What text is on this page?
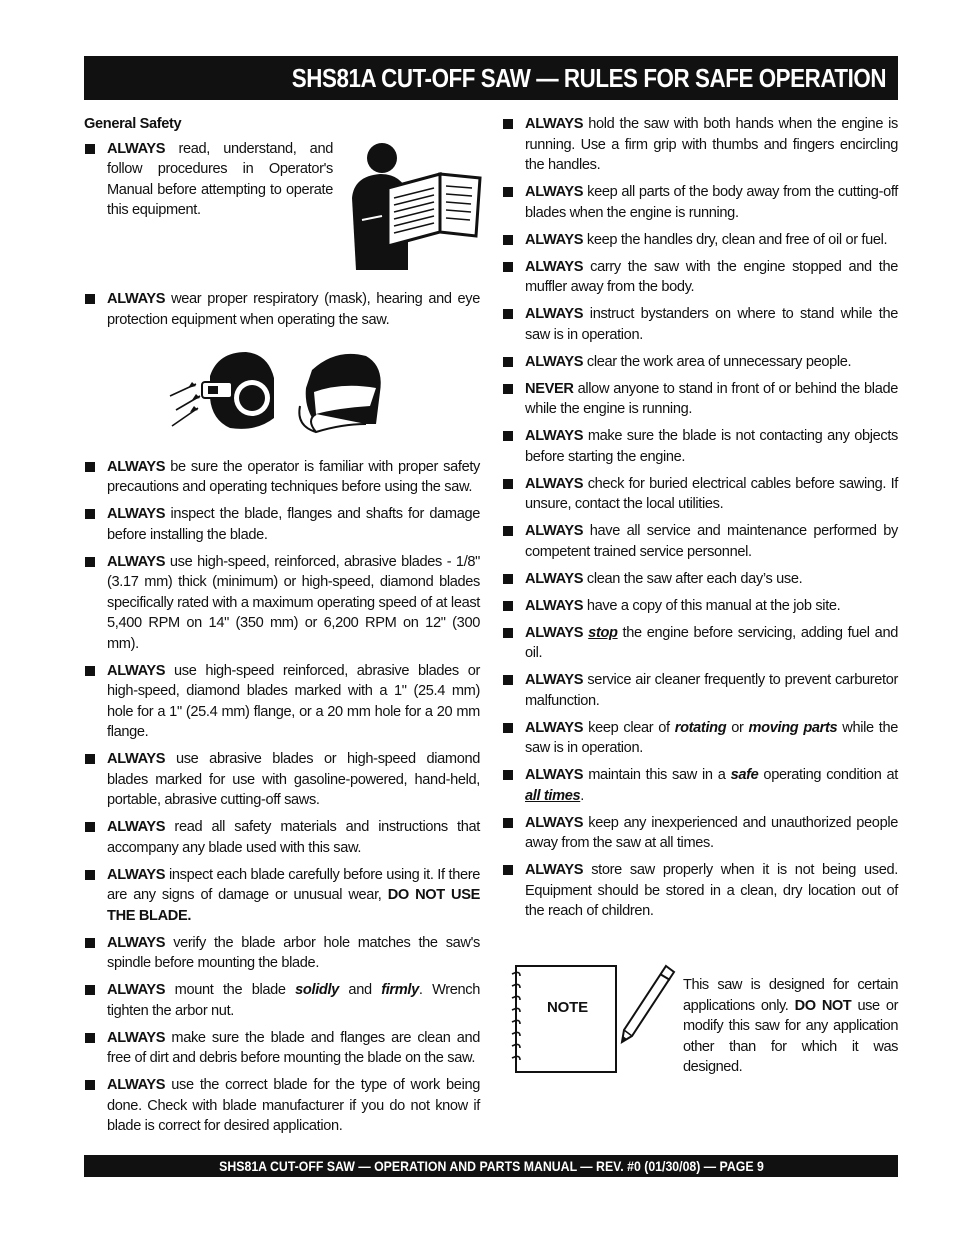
SHS81A CUT-OFF SAW — RULES FOR SAFE OPERATION
General Safety
ALWAYS read, understand, and follow procedures in Operator's Manual before attempting to operate this equipment.
ALWAYS wear proper respiratory (mask), hearing and eye protection equipment when operating the saw.
ALWAYS be sure the operator is familiar with proper safety precautions and operating techniques before using the saw.
ALWAYS inspect the blade, flanges and shafts for damage before installing the blade.
ALWAYS use high-speed, reinforced, abrasive blades - 1/8" (3.17 mm) thick (minimum) or high-speed, diamond blades specifically rated with a maximum operating speed of at least 5,400 RPM on 14" (350 mm) or 6,200 RPM on 12" (300 mm).
ALWAYS use high-speed reinforced, abrasive blades or high-speed, diamond blades marked with a 1" (25.4 mm) hole for a 1" (25.4 mm) flange, or a 20 mm hole for a 20 mm flange.
ALWAYS use abrasive blades or high-speed diamond blades marked for use with gasoline-powered, hand-held, portable, abrasive cutting-off saws.
ALWAYS read all safety materials and instructions that accompany any blade used with this saw.
ALWAYS inspect each blade carefully before using it. If there are any signs of damage or unusual wear, DO NOT USE THE BLADE.
ALWAYS verify the blade arbor hole matches the saw's spindle before mounting the blade.
ALWAYS mount the blade solidly and firmly. Wrench tighten the arbor nut.
ALWAYS make sure the blade and flanges are clean and free of dirt and debris before mounting the blade on the saw.
ALWAYS use the correct blade for the type of work being done. Check with blade manufacturer if you do not know if blade is correct for desired application.
ALWAYS hold the saw with both hands when the engine is running. Use a firm grip with thumbs and fingers encircling the handles.
ALWAYS keep all parts of the body away from the cutting-off blades when the engine is running.
ALWAYS keep the handles dry, clean and free of oil or fuel.
ALWAYS carry the saw with the engine stopped and the muffler away from the body.
ALWAYS instruct bystanders on where to stand while the saw is in operation.
ALWAYS clear the work area of unnecessary people.
NEVER allow anyone to stand in front of or behind the blade while the engine is running.
ALWAYS make sure the blade is not contacting any objects before starting the engine.
ALWAYS check for buried electrical cables before sawing. If unsure, contact the local utilities.
ALWAYS have all service and maintenance performed by competent trained service personnel.
ALWAYS clean the saw after each day’s use.
ALWAYS have a copy of this manual at the job site.
ALWAYS stop the engine before servicing, adding fuel and oil.
ALWAYS service air cleaner frequently to prevent carburetor malfunction.
ALWAYS keep clear of rotating or moving parts while the saw is in operation.
ALWAYS maintain this saw in a safe operating condition at all times.
ALWAYS keep any inexperienced and unauthorized people away from the saw at all times.
ALWAYS store saw properly when it is not being used. Equipment should be stored in a clean, dry location out of the reach of children.
NOTE
This saw is designed for certain applications only. DO NOT use or modify this saw for any application other than for which it was designed.
SHS81A CUT-OFF SAW — OPERATION AND PARTS MANUAL — REV. #0 (01/30/08) — PAGE 9
